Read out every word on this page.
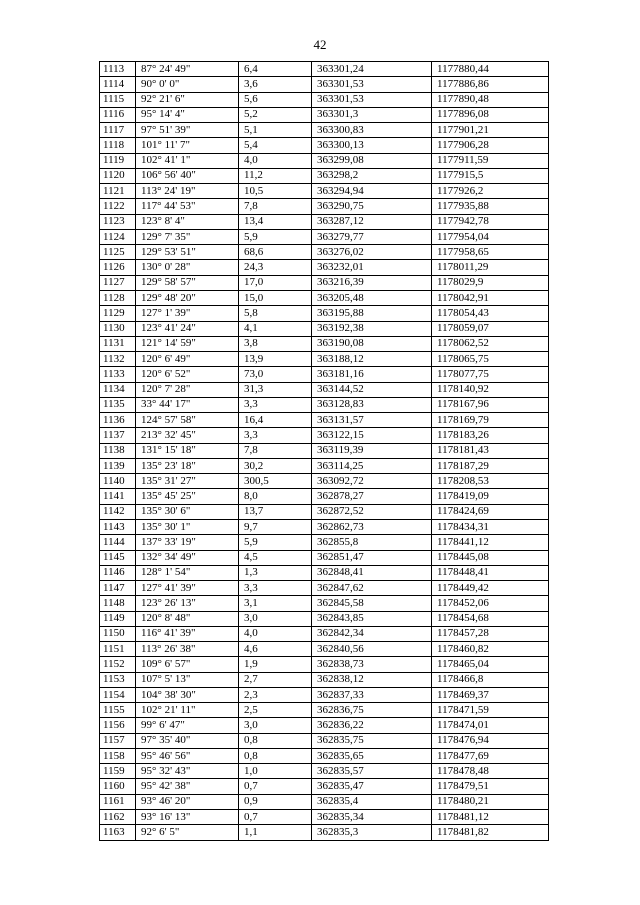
42
1113	87° 24' 49"	6,4	363301,24	1177880,44
1114	90° 0' 0"	3,6	363301,53	1177886,86
1115	92° 21' 6"	5,6	363301,53	1177890,48
1116	95° 14' 4"	5,2	363301,3	1177896,08
1117	97° 51' 39"	5,1	363300,83	1177901,21
1118	101° 11' 7"	5,4	363300,13	1177906,28
1119	102° 41' 1"	4,0	363299,08	1177911,59
1120	106° 56' 40"	11,2	363298,2	1177915,5
1121	113° 24' 19"	10,5	363294,94	1177926,2
1122	117° 44' 53"	7,8	363290,75	1177935,88
1123	123° 8' 4"	13,4	363287,12	1177942,78
1124	129° 7' 35"	5,9	363279,77	1177954,04
1125	129° 53' 51"	68,6	363276,02	1177958,65
1126	130° 0' 28"	24,3	363232,01	1178011,29
1127	129° 58' 57"	17,0	363216,39	1178029,9
1128	129° 48' 20"	15,0	363205,48	1178042,91
1129	127° 1' 39"	5,8	363195,88	1178054,43
1130	123° 41' 24"	4,1	363192,38	1178059,07
1131	121° 14' 59"	3,8	363190,08	1178062,52
1132	120° 6' 49"	13,9	363188,12	1178065,75
1133	120° 6' 52"	73,0	363181,16	1178077,75
1134	120° 7' 28"	31,3	363144,52	1178140,92
1135	33° 44' 17"	3,3	363128,83	1178167,96
1136	124° 57' 58"	16,4	363131,57	1178169,79
1137	213° 32' 45"	3,3	363122,15	1178183,26
1138	131° 15' 18"	7,8	363119,39	1178181,43
1139	135° 23' 18"	30,2	363114,25	1178187,29
1140	135° 31' 27"	300,5	363092,72	1178208,53
1141	135° 45' 25"	8,0	362878,27	1178419,09
1142	135° 30' 6"	13,7	362872,52	1178424,69
1143	135° 30' 1"	9,7	362862,73	1178434,31
1144	137° 33' 19"	5,9	362855,8	1178441,12
1145	132° 34' 49"	4,5	362851,47	1178445,08
1146	128° 1' 54"	1,3	362848,41	1178448,41
1147	127° 41' 39"	3,3	362847,62	1178449,42
1148	123° 26' 13"	3,1	362845,58	1178452,06
1149	120° 8' 48"	3,0	362843,85	1178454,68
1150	116° 41' 39"	4,0	362842,34	1178457,28
1151	113° 26' 38"	4,6	362840,56	1178460,82
1152	109° 6' 57"	1,9	362838,73	1178465,04
1153	107° 5' 13"	2,7	362838,12	1178466,8
1154	104° 38' 30"	2,3	362837,33	1178469,37
1155	102° 21' 11"	2,5	362836,75	1178471,59
1156	99° 6' 47"	3,0	362836,22	1178474,01
1157	97° 35' 40"	0,8	362835,75	1178476,94
1158	95° 46' 56"	0,8	362835,65	1178477,69
1159	95° 32' 43"	1,0	362835,57	1178478,48
1160	95° 42' 38"	0,7	362835,47	1178479,51
1161	93° 46' 20"	0,9	362835,4	1178480,21
1162	93° 16' 13"	0,7	362835,34	1178481,12
1163	92° 6' 5"	1,1	362835,3	1178481,82
